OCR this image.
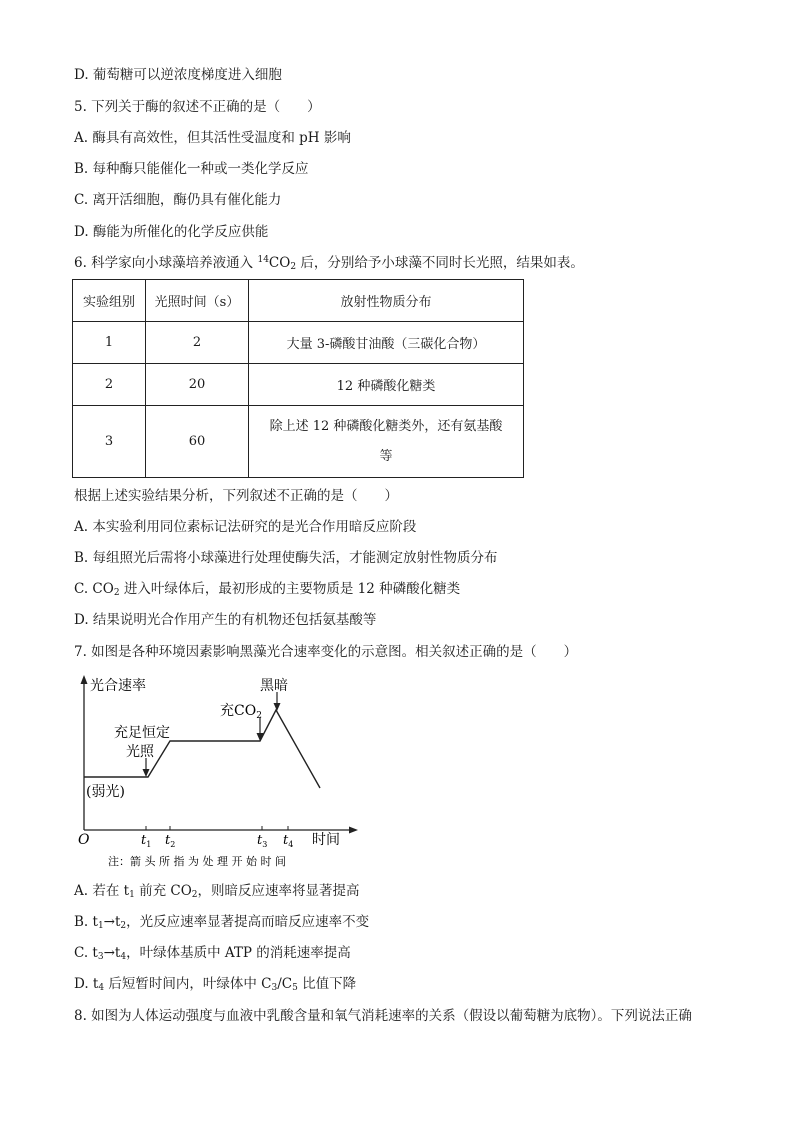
D. 葡萄糖可以逆浓度梯度进入细胞
5. 下列关于酶的叙述不正确的是（　　）
A. 酶具有高效性，但其活性受温度和 pH 影响
B. 每种酶只能催化一种或一类化学反应
C. 离开活细胞，酶仍具有催化能力
D. 酶能为所催化的化学反应供能
6. 科学家向小球藻培养液通入 $^{14}CO_2$ 后，分别给予小球藻不同时长光照，结果如表。
实验组别	光照时间（s）	放射性物质分布
1	2	大量 3-磷酸甘油酸（三碳化合物）
2	20	12 种磷酸化糖类
3	60	除上述 12 种磷酸化糖类外，还有氨基酸
等
根据上述实验结果分析，下列叙述不正确的是（　　）
A. 本实验利用同位素标记法研究的是光合作用暗反应阶段
B. 每组照光后需将小球藻进行处理使酶失活，才能测定放射性物质分布
C. $CO_2$ 进入叶绿体后，最初形成的主要物质是 12 种磷酸化糖类
D. 结果说明光合作用产生的有机物还包括氨基酸等
7. 如图是各种环境因素影响黑藻光合速率变化的示意图。相关叙述正确的是（　　）
光合速率	黑暗
充$CO_2$
充足恒定
光照
(弱光)
O	$t_1$ $t_2$	$t_3$ $t_4$ 时间
注：箭 头 所 指 为 处 理 开 始 时 间
A. 若在 $t_1$ 前充 $CO_2$，则暗反应速率将显著提高
B. $t_1\to t_2$，光反应速率显著提高而暗反应速率不变
C. $t_3\to t_4$，叶绿体基质中 ATP 的消耗速率提高
D. $t_4$ 后短暂时间内，叶绿体中 $C_3/C_5$ 比值下降
8. 如图为人体运动强度与血液中乳酸含量和氧气消耗速率的关系（假设以葡萄糖为底物）。下列说法正确
